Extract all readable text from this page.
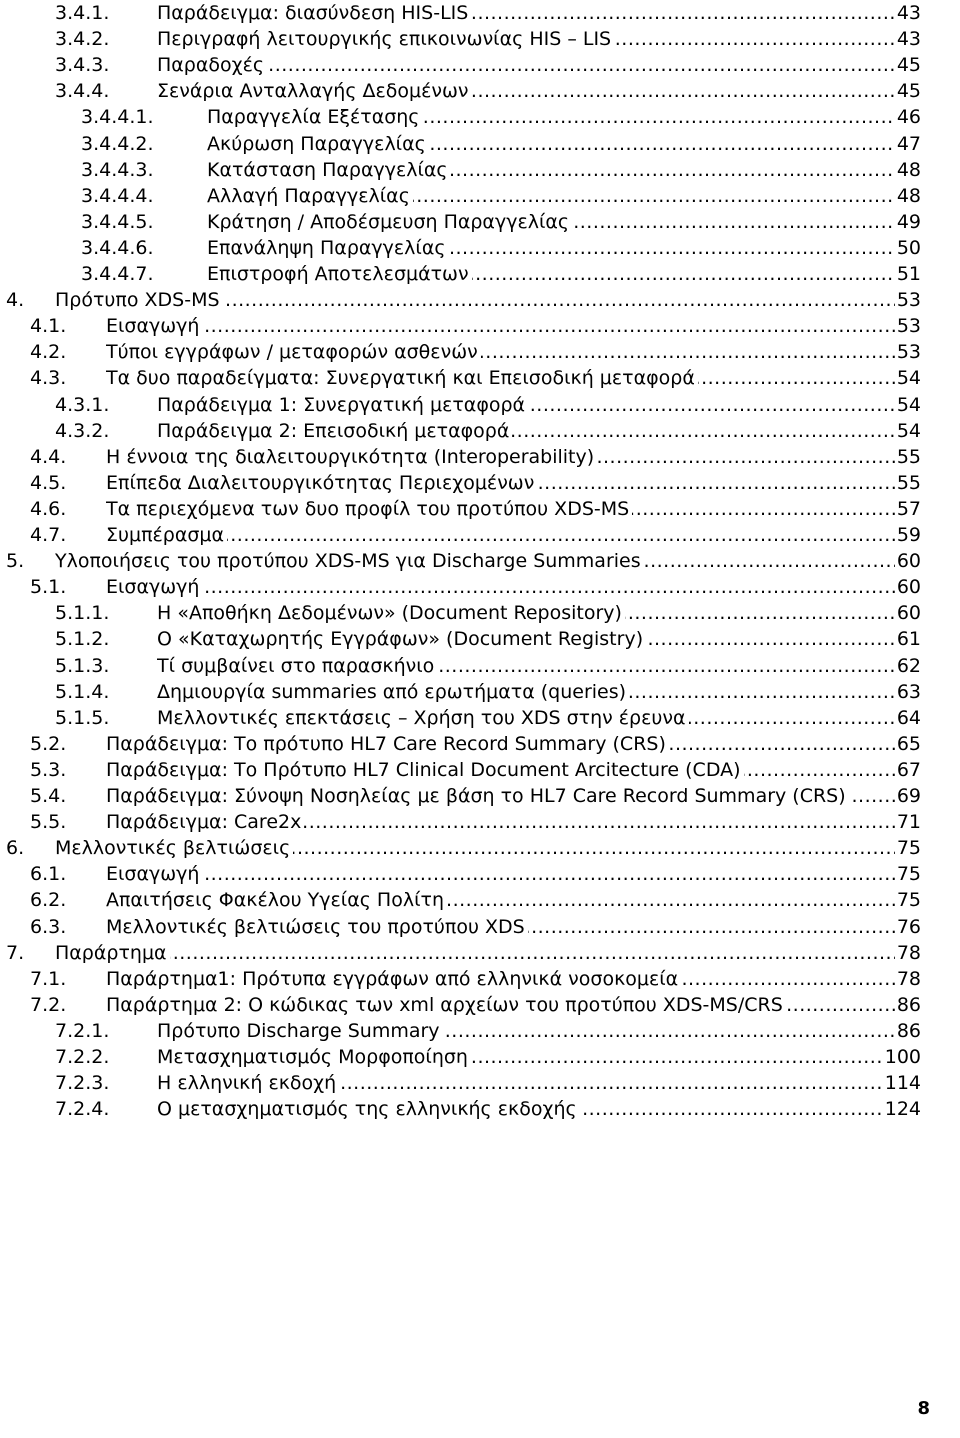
3.4.1.	Παράδειγμα: διασύνδεση HIS-LIS .....	43
3.4.2.	Περιγραφή λειτουργικής επικοινωνίας HIS – LIS .....	43
3.4.3.	Παραδοχές .....	45
3.4.4.	Σενάρια Ανταλλαγής Δεδομένων .....	45
3.4.4.1.	Παραγγελία Εξέτασης .....	46
3.4.4.2.	Ακύρωση Παραγγελίας .....	47
3.4.4.3.	Κατάσταση Παραγγελίας .....	48
3.4.4.4.	Αλλαγή Παραγγελίας .....	48
3.4.4.5.	Κράτηση / Αποδέσμευση Παραγγελίας .....	49
3.4.4.6.	Επανάληψη Παραγγελίας .....	50
3.4.4.7.	Επιστροφή Αποτελεσμάτων .....	51
4. Πρότυπο XDS-MS .....	53
4.1. Εισαγωγή .....	53
4.2. Τύποι εγγράφων / μεταφορών ασθενών .....	53
4.3. Τα δυο παραδείγματα: Συνεργατική και Επεισοδική μεταφορά .....	54
4.3.1.	Παράδειγμα 1: Συνεργατική μεταφορά .....	54
4.3.2.	Παράδειγμα 2: Επεισοδική μεταφορά .....	54
4.4. Η έννοια της διαλειτουργικότητα (Interoperability) .....	55
4.5. Επίπεδα Διαλειτουργικότητας Περιεχομένων .....	55
4.6. Τα περιεχόμενα των δυο προφίλ του προτύπου XDS-MS .....	57
4.7. Συμπέρασμα .....	59
5. Υλοποιήσεις του προτύπου XDS-MS για Discharge Summaries .....	60
5.1. Εισαγωγή .....	60
5.1.1.	Η «Αποθήκη Δεδομένων» (Document Repository) .....	60
5.1.2.	Ο «Καταχωρητής Εγγράφων» (Document Registry) .....	61
5.1.3.	Τί συμβαίνει στο παρασκήνιο .....	62
5.1.4.	Δημιουργία summaries από ερωτήματα (queries) .....	63
5.1.5.	Μελλοντικές επεκτάσεις – Χρήση του XDS στην έρευνα .....	64
5.2. Παράδειγμα: Το πρότυπο HL7 Care Record Summary (CRS) .....	65
5.3. Παράδειγμα: Το Πρότυπο HL7 Clinical Document Arcitecture (CDA) .....	67
5.4. Παράδειγμα: Σύνοψη Νοσηλείας με βάση το HL7 Care Record Summary (CRS) .....	69
5.5. Παράδειγμα: Care2x .....	71
6. Μελλοντικές βελτιώσεις .....	75
6.1. Εισαγωγή .....	75
6.2. Απαιτήσεις Φακέλου Υγείας Πολίτη .....	75
6.3. Μελλοντικές βελτιώσεις του προτύπου XDS .....	76
7. Παράρτημα .....	78
7.1. Παράρτημα1: Πρότυπα εγγράφων από ελληνικά νοσοκομεία .....	78
7.2. Παράρτημα 2: Ο κώδικας των xml αρχείων του προτύπου XDS-MS/CRS .....	86
7.2.1.	Πρότυπο Discharge Summary .....	86
7.2.2.	Μετασχηματισμός Μορφοποίηση .....	100
7.2.3.	Η ελληνική εκδοχή .....	114
7.2.4.	Ο μετασχηματισμός της ελληνικής εκδοχής .....	124
8
